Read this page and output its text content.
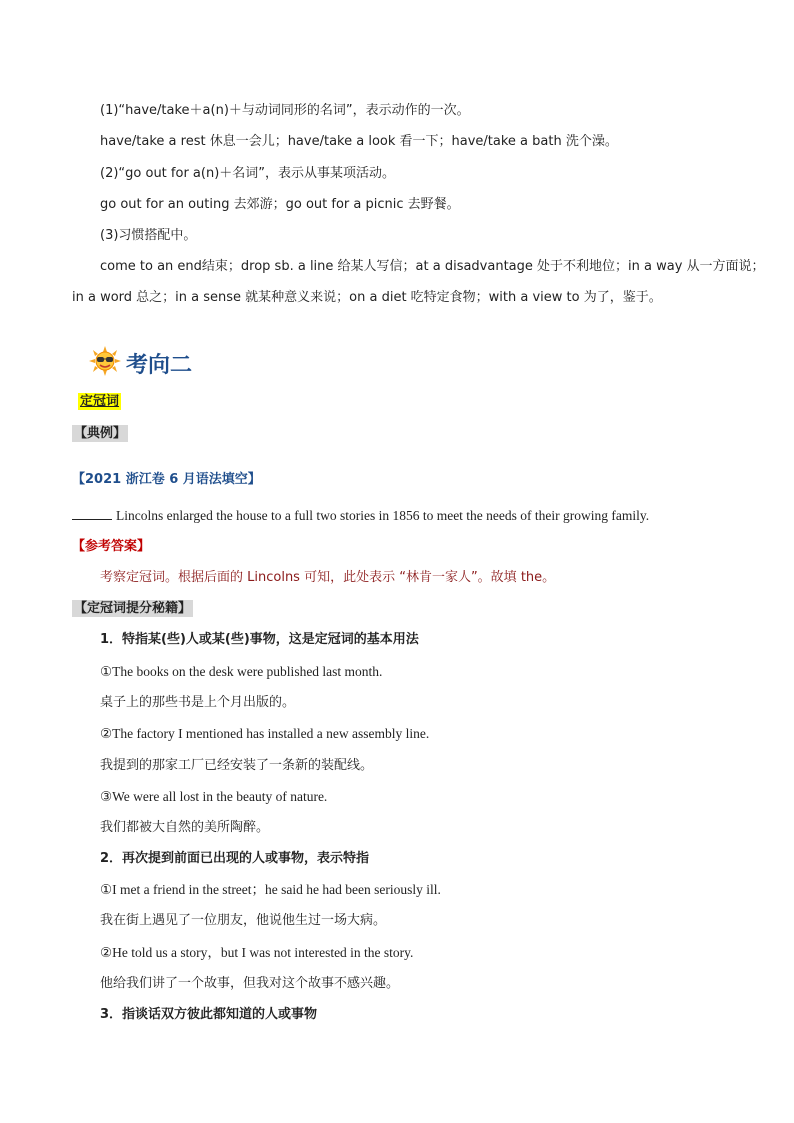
(1)“have/take＋a(n)＋与动词同形的名词”，表示动作的一次。
have/take a rest 休息一会儿；have/take a look 看一下；have/take a bath 洗个澡。
(2)“go out for a(n)＋名词”，表示从事某项活动。
go out for an outing 去郊游；go out for a picnic 去野餐。
(3)习惯搭配中。
come to an end结束；drop sb. a line 给某人写信；at a disadvantage 处于不利地位；in a way 从一方面说；
in a word 总之；in a sense 就某种意义来说；on a diet 吃特定食物；with a view to 为了，鉴于。
考向二
定冠词
【典例】
【2021 浙江卷 6 月语法填空】
Lincolns enlarged the house to a full two stories in 1856 to meet the needs of their growing family.
【参考答案】
考察定冠词。根据后面的 Lincolns 可知，此处表示 “林肯一家人”。故填 the。
【定冠词提分秘籍】
1．特指某(些)人或某(些)事物，这是定冠词的基本用法
①The books on the desk were published last month.
桌子上的那些书是上个月出版的。
②The factory I mentioned has installed a new assembly line.
我提到的那家工厂已经安装了一条新的装配线。
③We were all lost in the beauty of nature.
我们都被大自然的美所陶醉。
2．再次提到前面已出现的人或事物，表示特指
①I met a friend in the street；he said he had been seriously ill.
我在街上遇见了一位朋友，他说他生过一场大病。
②He told us a story，but I was not interested in the story.
他给我们讲了一个故事，但我对这个故事不感兴趣。
3．指谈话双方彼此都知道的人或事物
